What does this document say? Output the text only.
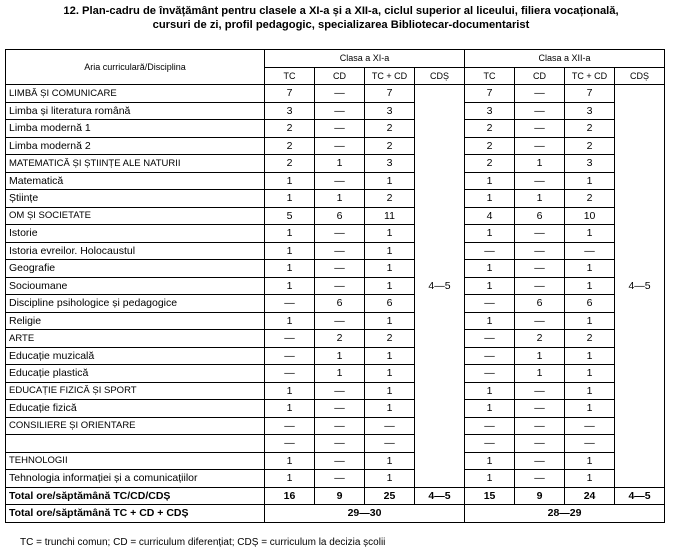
12. Plan-cadru de învățământ pentru clasele a XI-a și a XII-a, ciclul superior al liceului, filiera vocațională,
cursuri de zi, profil pedagogic, specializarea Bibliotecar-documentarist
Aria curriculară/Disciplina	Clasa a XI-a				Clasa a XII-a			
	TC	CD	TC + CD	CDȘ	TC	CD	TC + CD	CDȘ
LIMBĂ ȘI COMUNICARE	7	—	7	4—5	7	—	7	4—5
Limba și literatura română	3	—	3		3	—	3	
Limba modernă 1	2	—	2		2	—	2	
Limba modernă 2	2	—	2		2	—	2	
MATEMATICĂ ȘI ȘTIINȚE ALE NATURII	2	1	3		2	1	3	
Matematică	1	—	1		1	—	1	
Științe	1	1	2		1	1	2	
OM ȘI SOCIETATE	5	6	11		4	6	10	
Istorie	1	—	1		1	—	1	
Istoria evreilor. Holocaustul	1	—	1		—	—	—	
Geografie	1	—	1		1	—	1	
Socioumane	1	—	1		1	—	1	
Discipline psihologice și pedagogice	—	6	6		—	6	6	
Religie	1	—	1		1	—	1	
ARTE	—	2	2		—	2	2	
Educație muzicală	—	1	1		—	1	1	
Educație plastică	—	1	1		—	1	1	
EDUCAȚIE FIZICĂ ȘI SPORT	1	—	1		1	—	1	
Educație fizică	1	—	1		1	—	1	
CONSILIERE ȘI ORIENTARE	—	—	—		—	—	—	
	—	—	—		—	—	—	
TEHNOLOGII	1	—	1		1	—	1	
Tehnologia informației și a comunicațiilor	1	—	1		1	—	1	
Total ore/săptămână TC/CD/CDȘ	16	9	25	4—5	15	9	24	4—5
Total ore/săptămână TC + CD + CDȘ	29—30				28—29			
TC = trunchi comun; CD = curriculum diferențiat; CDȘ = curriculum la decizia școlii
